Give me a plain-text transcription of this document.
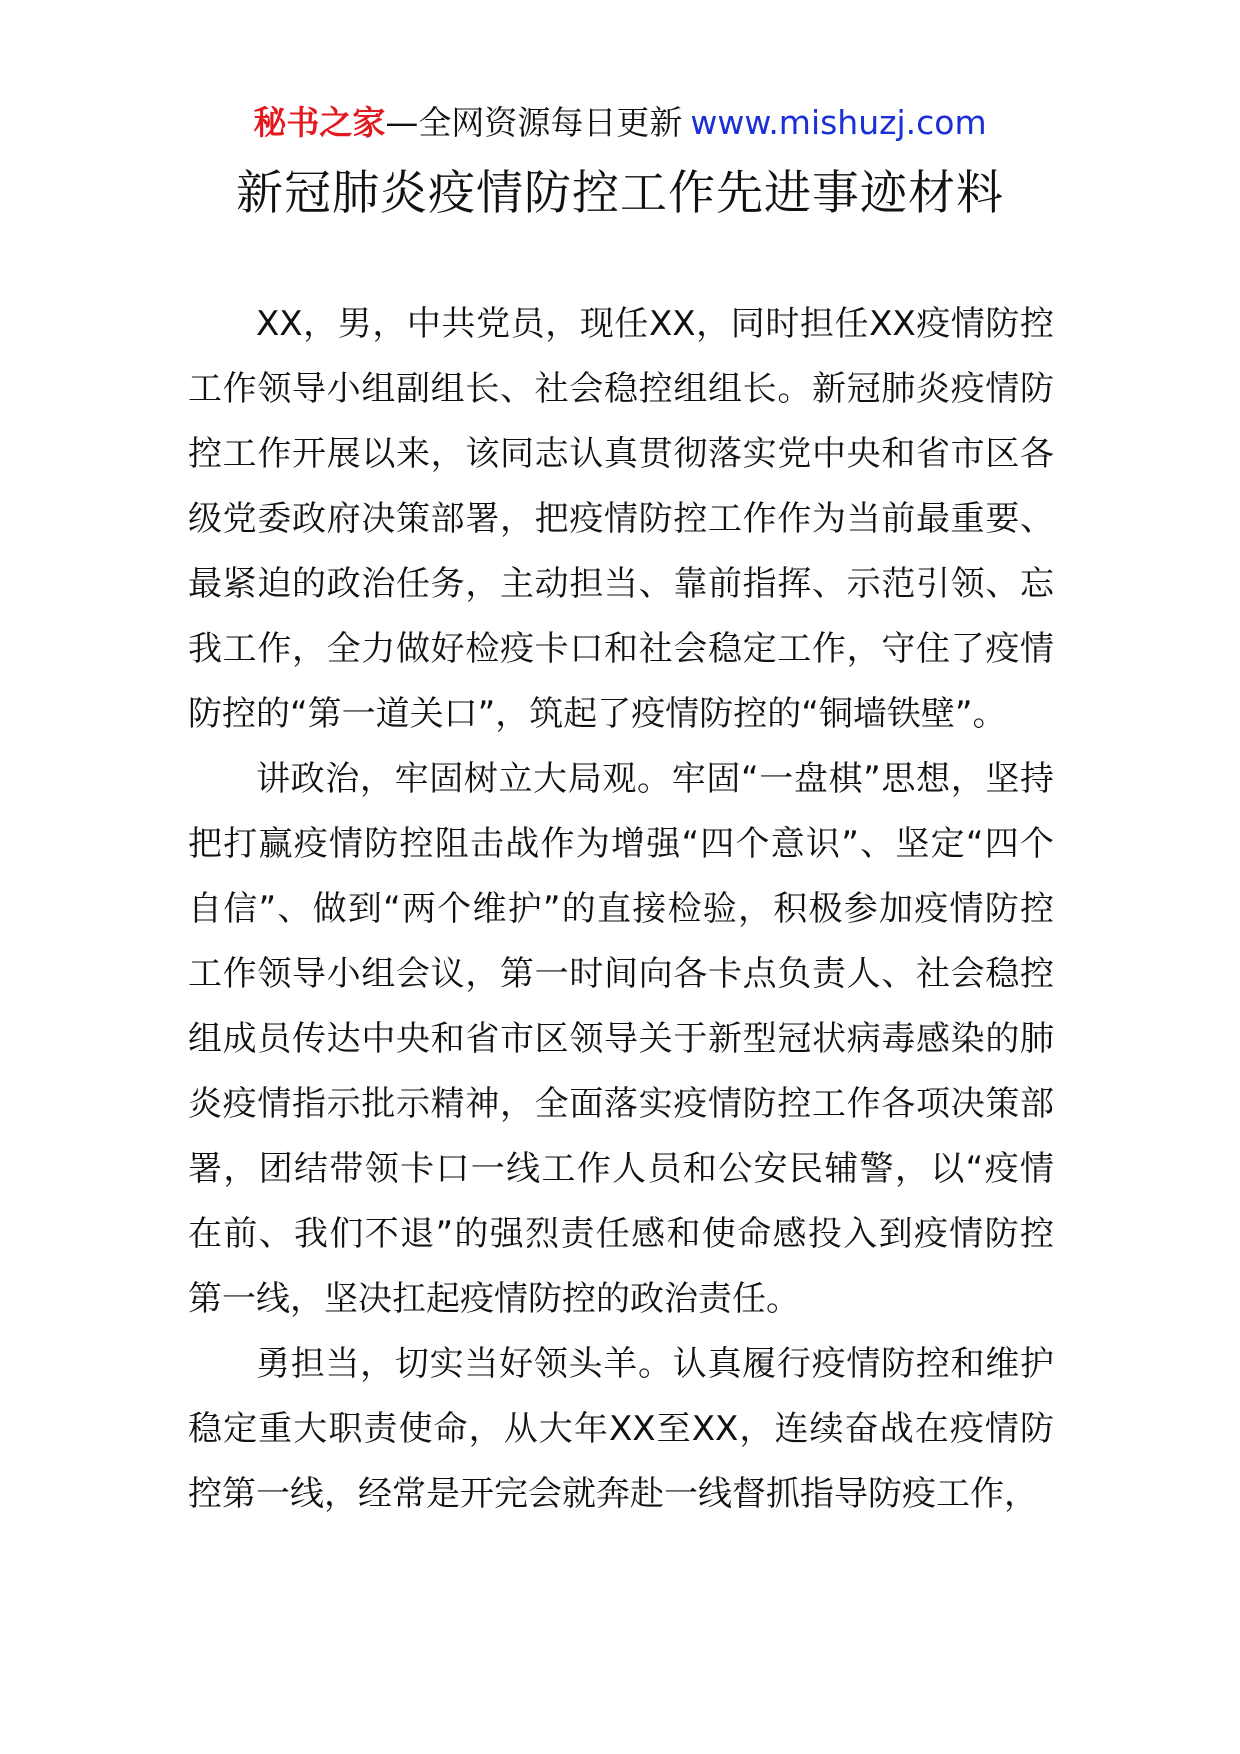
秘书之家—全网资源每日更新 www.mishuzj.com
新冠肺炎疫情防控工作先进事迹材料

XX，男，中共党员，现任XX，同时担任XX疫情防控工作领导小组副组长、社会稳控组组长。新冠肺炎疫情防控工作开展以来，该同志认真贯彻落实党中央和省市区各级党委政府决策部署，把疫情防控工作作为当前最重要、最紧迫的政治任务，主动担当、靠前指挥、示范引领、忘我工作，全力做好检疫卡口和社会稳定工作，守住了疫情防控的“第一道关口”，筑起了疫情防控的“铜墙铁壁”。

讲政治，牢固树立大局观。牢固“一盘棋”思想，坚持把打赢疫情防控阻击战作为增强“四个意识”、坚定“四个自信”、做到“两个维护”的直接检验，积极参加疫情防控工作领导小组会议，第一时间向各卡点负责人、社会稳控组成员传达中央和省市区领导关于新型冠状病毒感染的肺炎疫情指示批示精神，全面落实疫情防控工作各项决策部署，团结带领卡口一线工作人员和公安民辅警，以“疫情在前、我们不退”的强烈责任感和使命感投入到疫情防控第一线，坚决扛起疫情防控的政治责任。

勇担当，切实当好领头羊。认真履行疫情防控和维护稳定重大职责使命，从大年XX至XX，连续奋战在疫情防控第一线，经常是开完会就奔赴一线督抓指导防疫工作，
